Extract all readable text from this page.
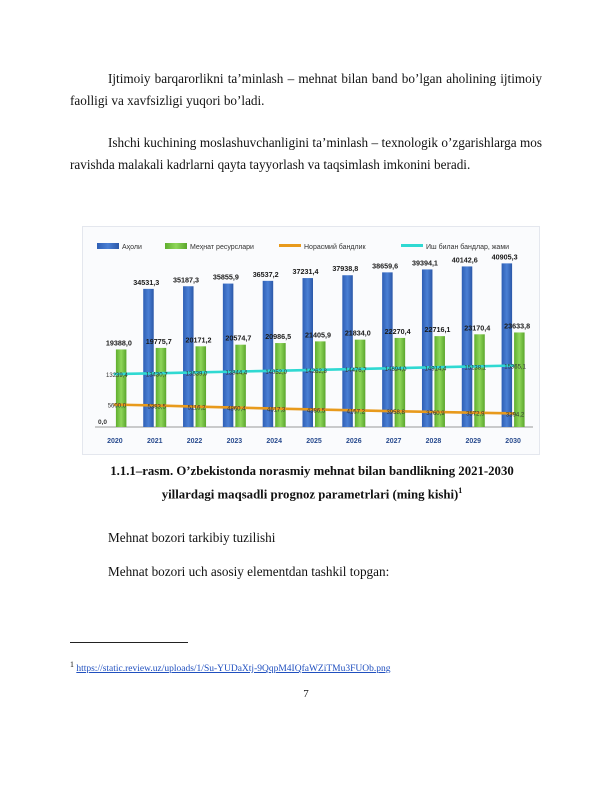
Ijtimoiy barqarorlikni ta’minlash – mehnat bilan band bo’lgan aholining ijtimoiy faolligi va xavfsizligi yuqori bo’ladi.

Ishchi kuchining moslashuvchanligini ta’minlash – texnologik o’zgarishlarga mos ravishda malakali kadrlarni qayta tayyorlash va taqsimlash imkonini beradi.

Аҳоли	Меҳнат ресурслари	Норасмий бандлик	Иш билан бандлар, жами
19388,0
2020
34531,3
19775,7
2021
35187,3
20171,2
2022
35855,9
20574,7
2023
36537,2
20986,5
2024
37231,4
21405,9
2025
37938,8
21834,0
2026
38659,6
22270,4
2027
39394,1
22716,1
2028
40142,6
23170,4
2029
40905,3
23633,8
2030
5600,0	5383,5	5116,2	4860,4	4617,3	4386,5	4167,2	3958,8	3760,9	3572,9	3394,2
13239,4	13430,7	13639,0	13844,4	14052,0	14262,8	14476,7	14694,0	14914,4	15138,1	15365,1
0,0

1.1.1–rasm. O’zbekistonda norasmiy mehnat bilan bandlikning 2021-2030 yillardagi maqsadli prognoz parametrlari (ming kishi)$^1$

Mehnat bozori tarkibiy tuzilishi

Mehnat bozori uch asosiy elementdan tashkil topgan:

$^1$ https://static.review.uz/uploads/1/Su-YUDaXtj-9QqpM4IQfaWZiTMu3FUOb.png
7
